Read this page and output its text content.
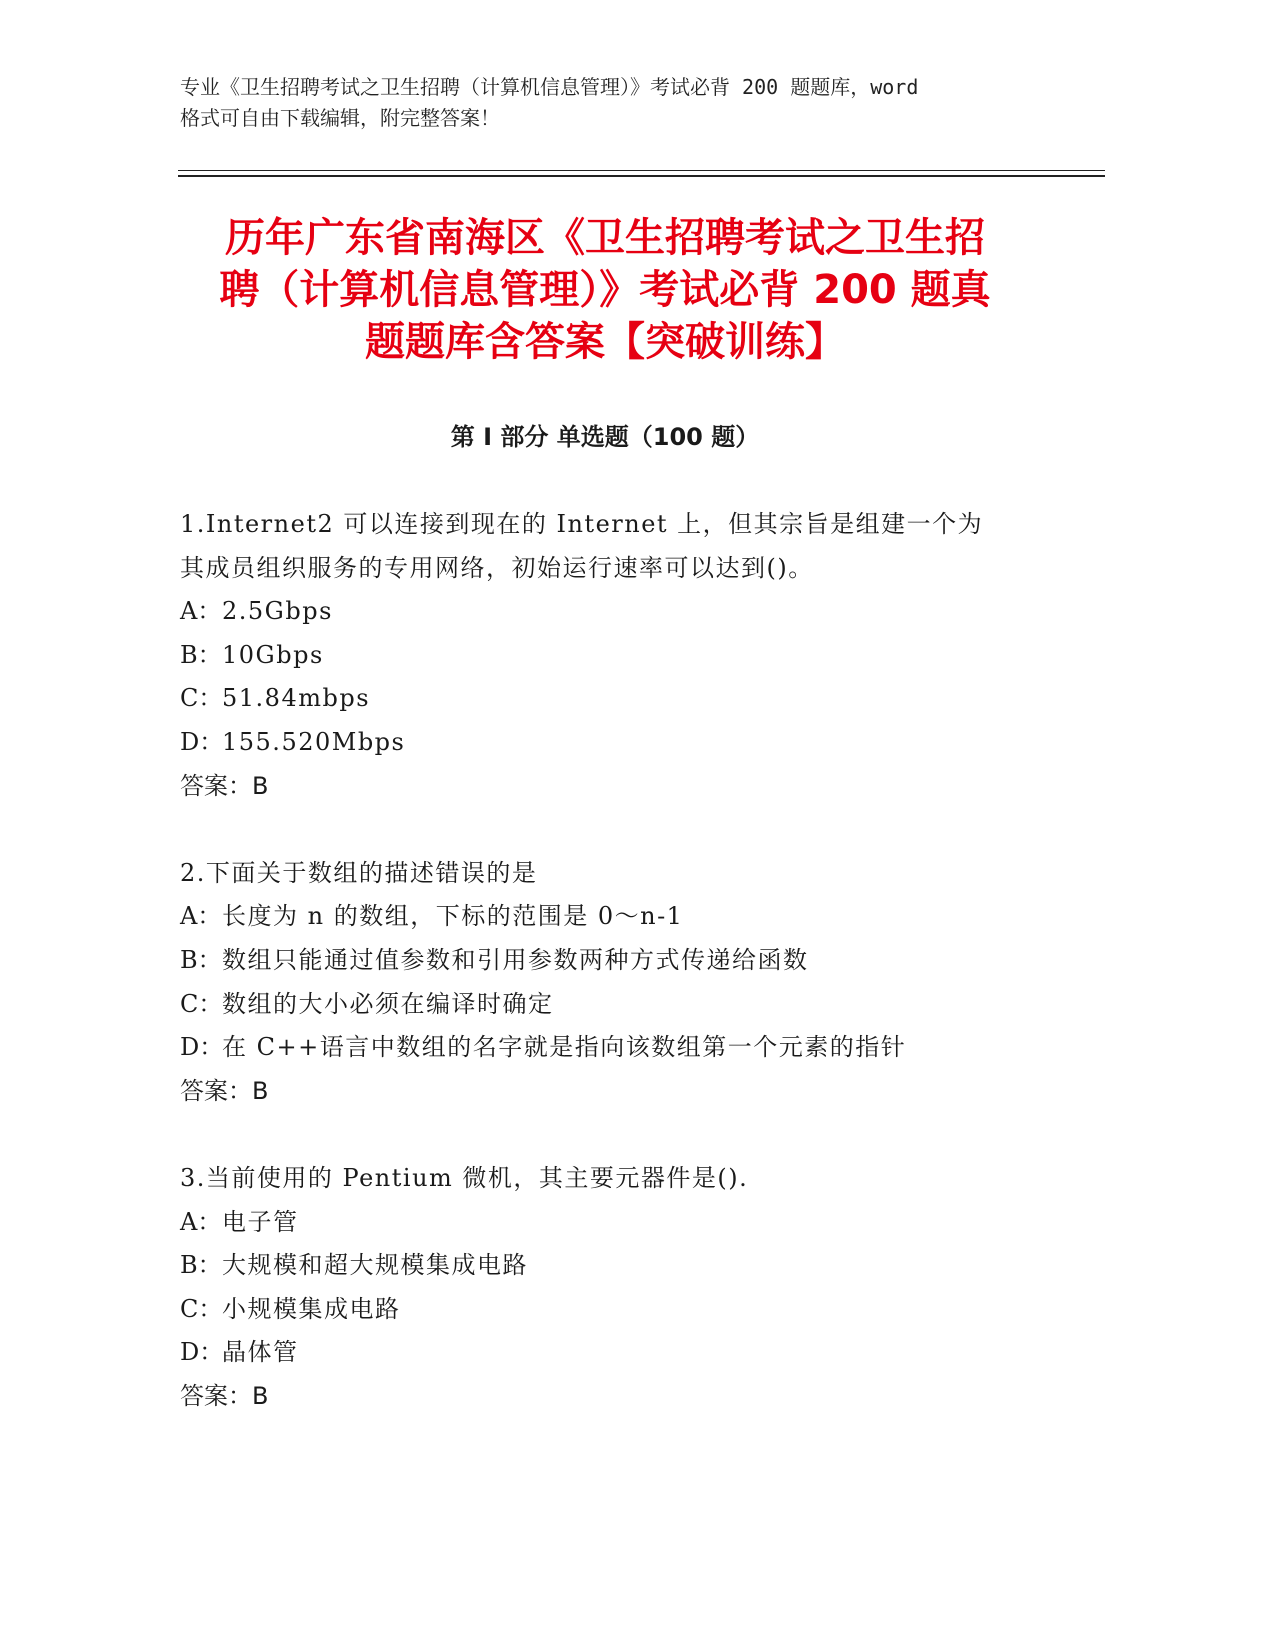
专业《卫生招聘考试之卫生招聘（计算机信息管理）》考试必背 200 题题库，word
格式可自由下载编辑，附完整答案！
历年广东省南海区《卫生招聘考试之卫生招
聘（计算机信息管理）》考试必背 200 题真
题题库含答案【突破训练】
第 I 部分 单选题（100 题）
1.Internet2 可以连接到现在的 Internet 上，但其宗旨是组建一个为
其成员组织服务的专用网络，初始运行速率可以达到()。
A：2.5Gbps
B：10Gbps
C：51.84mbps
D：155.520Mbps
答案：B
2.下面关于数组的描述错误的是
A：长度为 n 的数组，下标的范围是 0～n-1
B：数组只能通过值参数和引用参数两种方式传递给函数
C：数组的大小必须在编译时确定
D：在 C++语言中数组的名字就是指向该数组第一个元素的指针
答案：B
3.当前使用的 Pentium 微机，其主要元器件是().
A：电子管
B：大规模和超大规模集成电路
C：小规模集成电路
D：晶体管
答案：B
